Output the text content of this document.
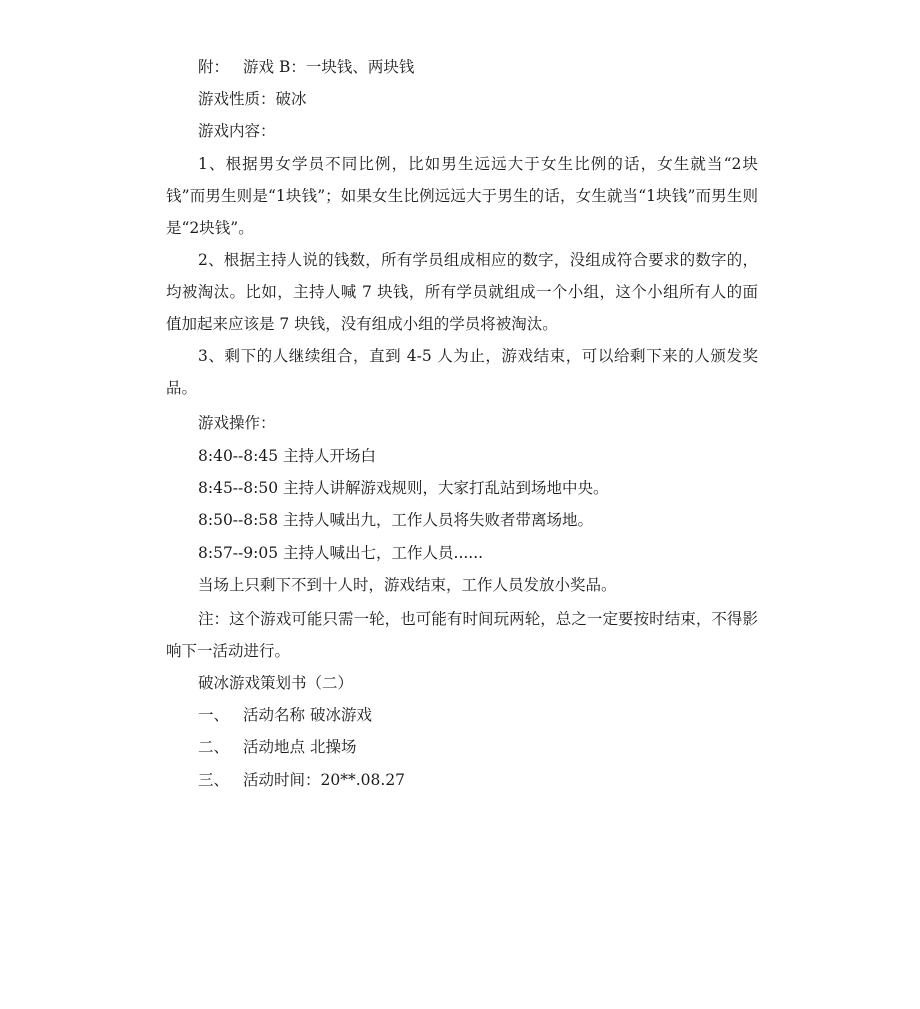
附： 游戏 B：一块钱、两块钱
游戏性质：破冰
游戏内容：
1、根据男女学员不同比例，比如男生远远大于女生比例的话，女生就当“2块钱”而男生则是“1块钱”；如果女生比例远远大于男生的话，女生就当“1块钱”而男生则是“2块钱”。
2、根据主持人说的钱数，所有学员组成相应的数字，没组成符合要求的数字的，均被淘汰。比如，主持人喊 7 块钱，所有学员就组成一个小组，这个小组所有人的面值加起来应该是 7 块钱，没有组成小组的学员将被淘汰。
3、剩下的人继续组合，直到 4-5 人为止，游戏结束，可以给剩下来的人颁发奖品。
游戏操作：
8:40--8:45 主持人开场白
8:45--8:50 主持人讲解游戏规则，大家打乱站到场地中央。
8:50--8:58 主持人喊出九，工作人员将失败者带离场地。
8:57--9:05 主持人喊出七，工作人员......
当场上只剩下不到十人时，游戏结束，工作人员发放小奖品。
注：这个游戏可能只需一轮，也可能有时间玩两轮，总之一定要按时结束，不得影响下一活动进行。
破冰游戏策划书（二）
一、 活动名称 破冰游戏
二、 活动地点 北操场
三、 活动时间：20**.08.27
